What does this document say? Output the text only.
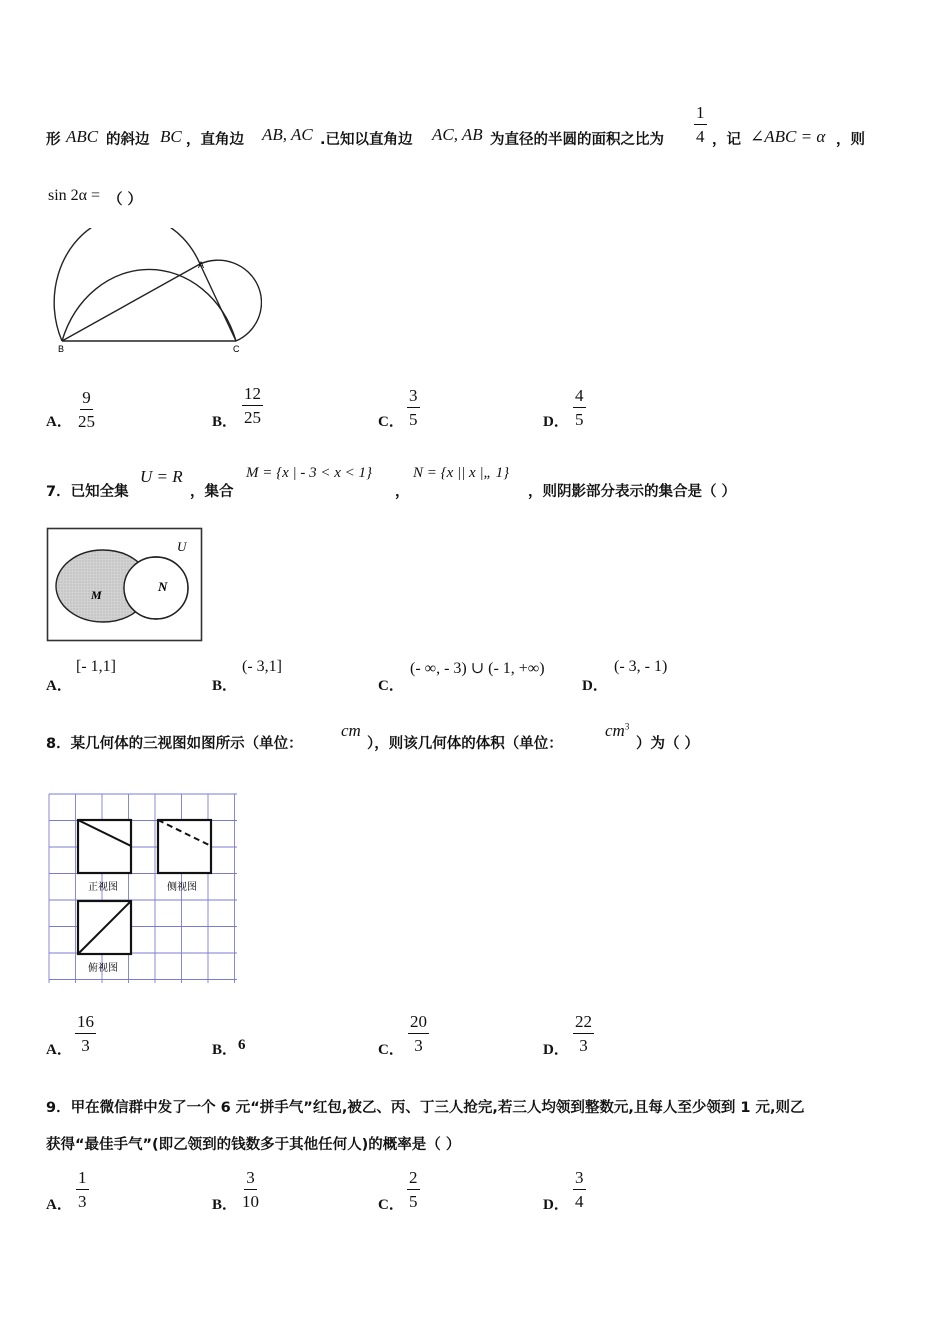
形 ABC 的斜边 BC ，直角边 AB, AC .已知以直角边 AC, AB 为直径的半圆的面积之比为 $\frac{1}{4}$ ，记 ∠ABC = α ，则
sin 2α = （ ）
A
B	C
A． $\frac{9}{25}$	B． $\frac{12}{25}$	C． $\frac{3}{5}$	D． $\frac{4}{5}$
7．已知全集
U = R
，集合
M = {x | - 3 < x < 1}
，
N = {x || x |„ 1}
，则阴影部分表示的集合是（ ）
U
M
N
A．
[- 1,1]
B．
(- 3,1]
C．
(- ∞, - 3) ∪ (- 1, +∞)
D．
(- 3, - 1)
8．某几何体的三视图如图所示（单位：
cm
），则该几何体的体积（单位：
$cm^3$
）为（ ）
正视图	侧视图
俯视图
A． $\frac{16}{3}$	B． 6	C． $\frac{20}{3}$	D． $\frac{22}{3}$
9．甲在微信群中发了一个 6 元“拼手气”红包,被乙、丙、丁三人抢完,若三人均领到整数元,且每人至少领到 1 元,则乙
获得“最佳手气”(即乙领到的钱数多于其他任何人)的概率是（ ）
A． $\frac{1}{3}$	B． $\frac{3}{10}$	C． $\frac{2}{5}$	D． $\frac{3}{4}$
